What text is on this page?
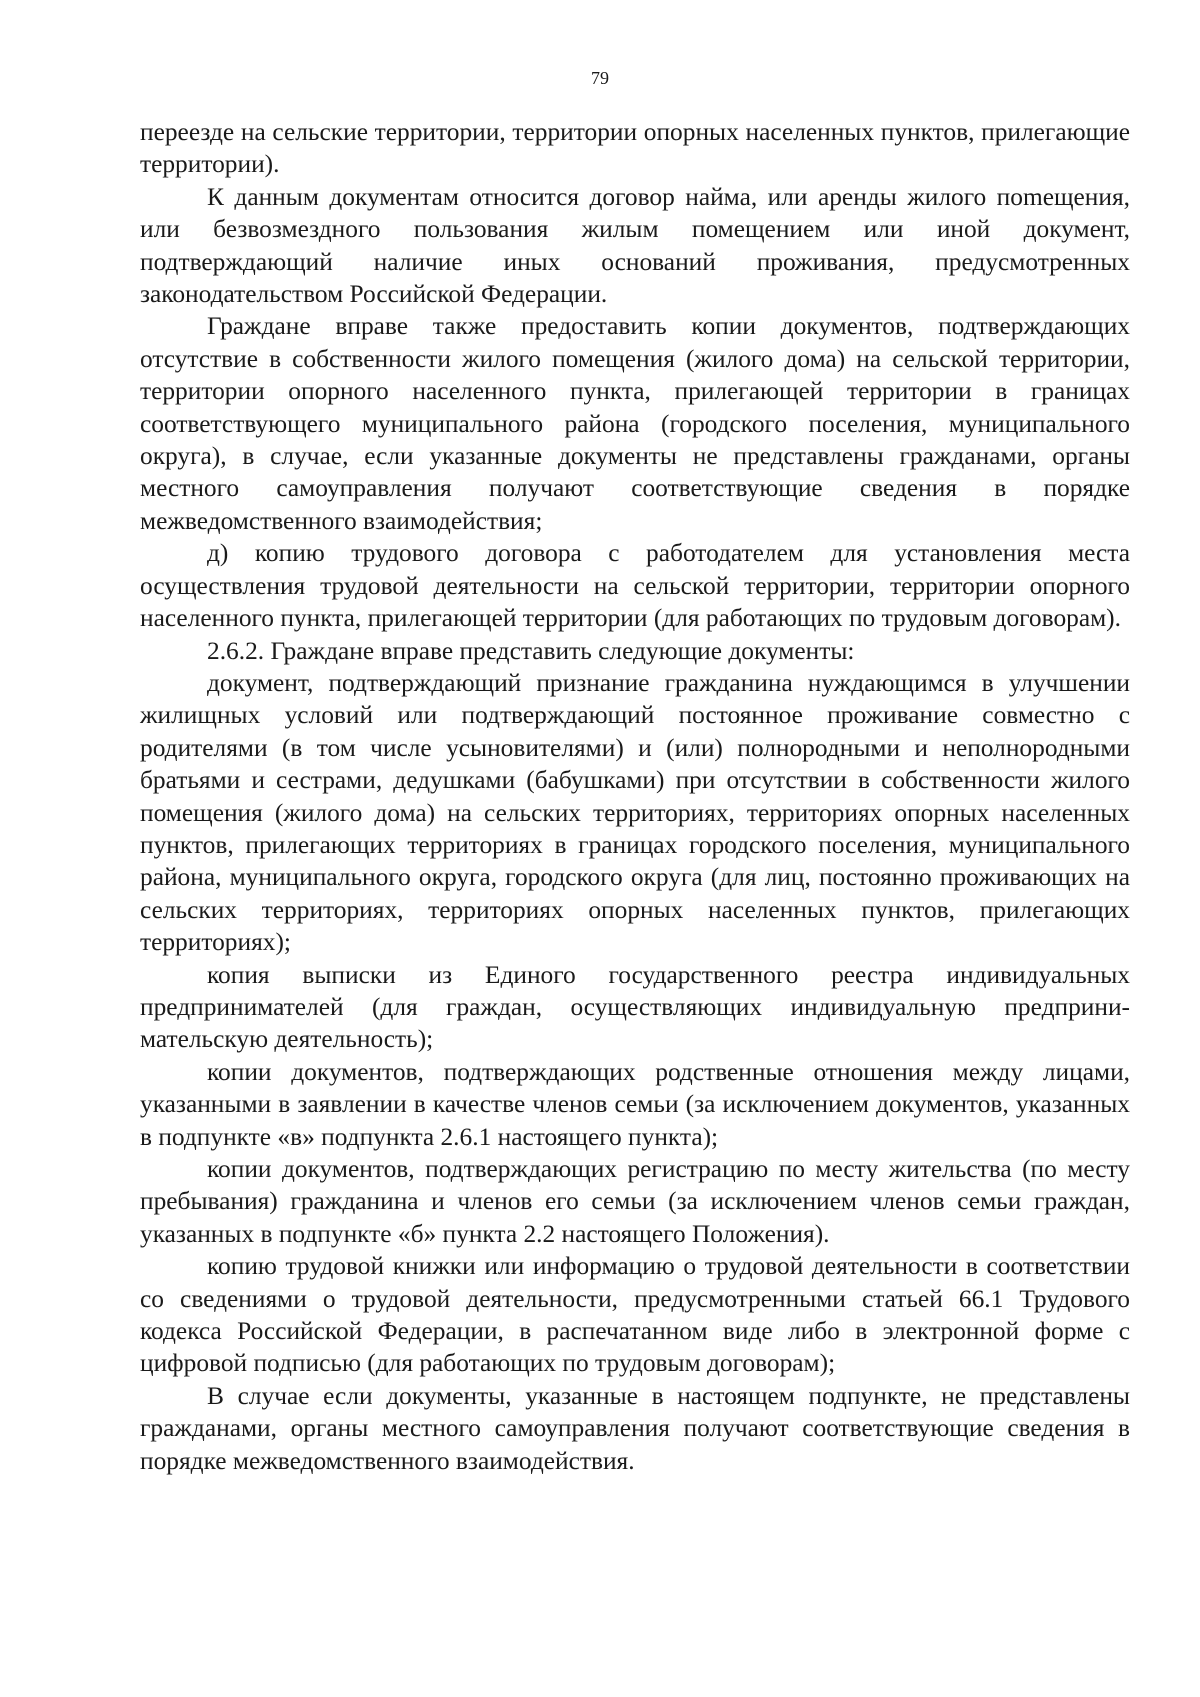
79

переезде на сельские территории, территории опорных населенных пунктов, прилегающие территории).

К данным документам относится договор найма, или аренды жилого поmещения, или безвозмездного пользования жилым помещением или иной документ, подтверждающий наличие иных оснований проживания, предусмотренных законодательством Российской Федерации.

Граждане вправе также предоставить копии документов, подтверждающих отсутствие в собственности жилого помещения (жилого дома) на сельской территории, территории опорного населенного пункта, прилегающей территории в границах соответствующего муниципального района (городского поселения, муниципального округа), в случае, если указанные документы не представлены гражданами, органы местного самоуправления получают соответствующие сведения в порядке межведомственного взаимодействия;

д) копию трудового договора с работодателем для установления места осуществления трудовой деятельности на сельской территории, территории опорного населенного пункта, прилегающей территории (для работающих по трудовым договорам).

2.6.2. Граждане вправе представить следующие документы:

документ, подтверждающий признание гражданина нуждающимся в улучшении жилищных условий или подтверждающий постоянное проживание совместно с родителями (в том числе усыновителями) и (или) полнородными и неполнородными братьями и сестрами, дедушками (бабушками) при отсутствии в собственности жилого помещения (жилого дома) на сельских территориях, территориях опорных населенных пунктов, прилегающих территориях в границах городского поселения, муниципального района, муниципального округа, городского округа (для лиц, постоянно проживающих на сельских территориях, территориях опорных населенных пунктов, прилегающих территориях);

копия выписки из Единого государственного реестра индивидуальных предпринимателей (для граждан, осуществляющих индивидуальную предпринимательскую деятельность);

копии документов, подтверждающих родственные отношения между лицами, указанными в заявлении в качестве членов семьи (за исключением документов, указанных в подпункте «в» подпункта 2.6.1 настоящего пункта);

копии документов, подтверждающих регистрацию по месту жительства (по месту пребывания) гражданина и членов его семьи (за исключением членов семьи граждан, указанных в подпункте «б» пункта 2.2 настоящего Положения).

копию трудовой книжки или информацию о трудовой деятельности в соответствии со сведениями о трудовой деятельности, предусмотренными статьей 66.1 Трудового кодекса Российской Федерации, в распечатанном виде либо в электронной форме с цифровой подписью (для работающих по трудовым договорам);

В случае если документы, указанные в настоящем подпункте, не представлены гражданами, органы местного самоуправления получают соответствующие сведения в порядке межведомственного взаимодействия.
